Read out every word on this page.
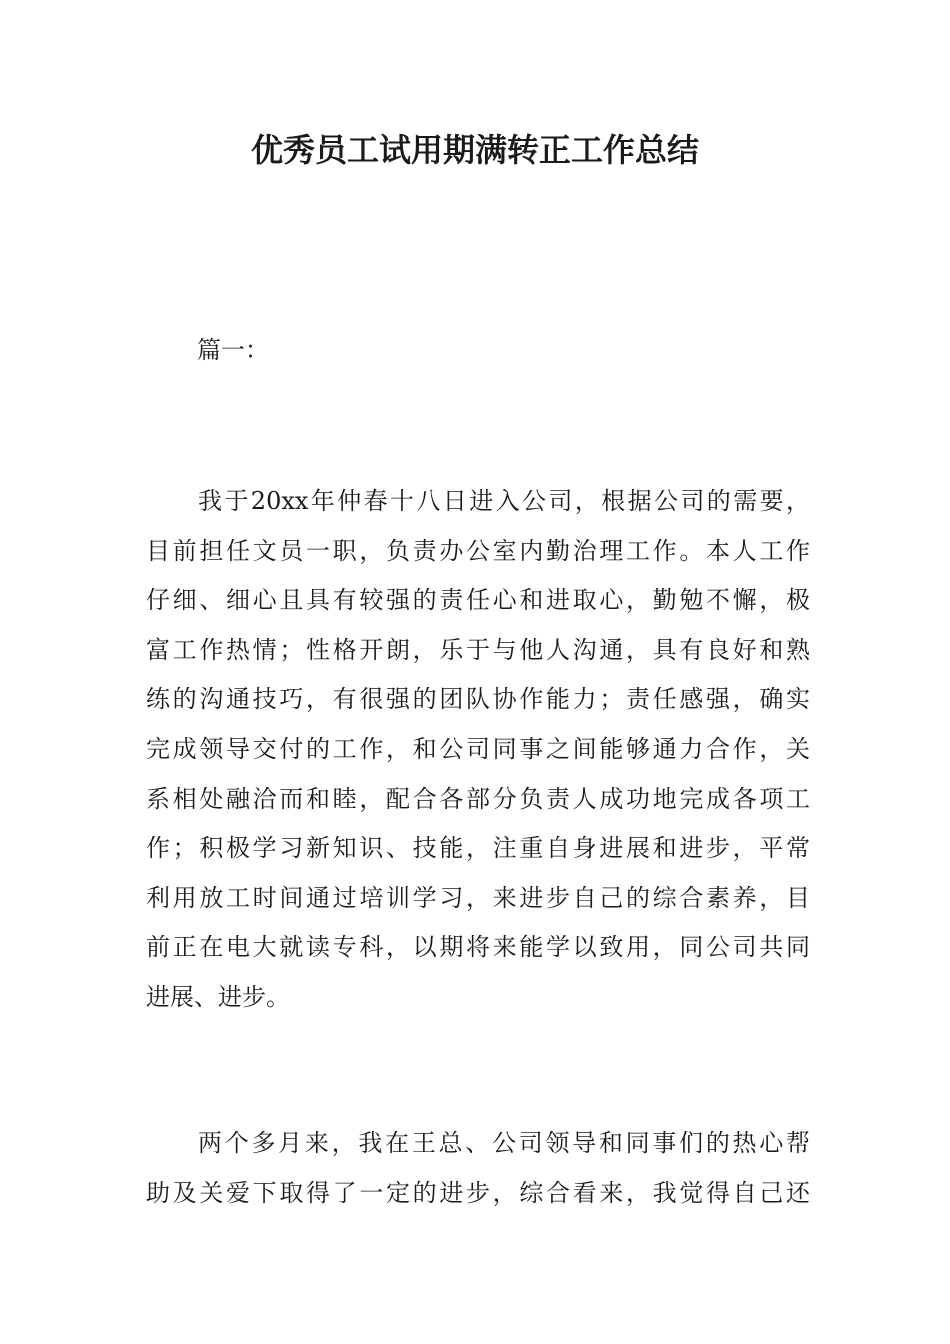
优秀员工试用期满转正工作总结

篇一：

我于20xx年仲春十八日进入公司，根据公司的需要，
目前担任文员一职，负责办公室内勤治理工作。本人工作
仔细、细心且具有较强的责任心和进取心，勤勉不懈，极
富工作热情；性格开朗，乐于与他人沟通，具有良好和熟
练的沟通技巧，有很强的团队协作能力；责任感强，确实
完成领导交付的工作，和公司同事之间能够通力合作，关
系相处融洽而和睦，配合各部分负责人成功地完成各项工
作；积极学习新知识、技能，注重自身进展和进步，平常
利用放工时间通过培训学习，来进步自己的综合素养，目
前正在电大就读专科，以期将来能学以致用，同公司共同
进展、进步。
两个多月来，我在王总、公司领导和同事们的热心帮
助及关爱下取得了一定的进步，综合看来，我觉得自己还
